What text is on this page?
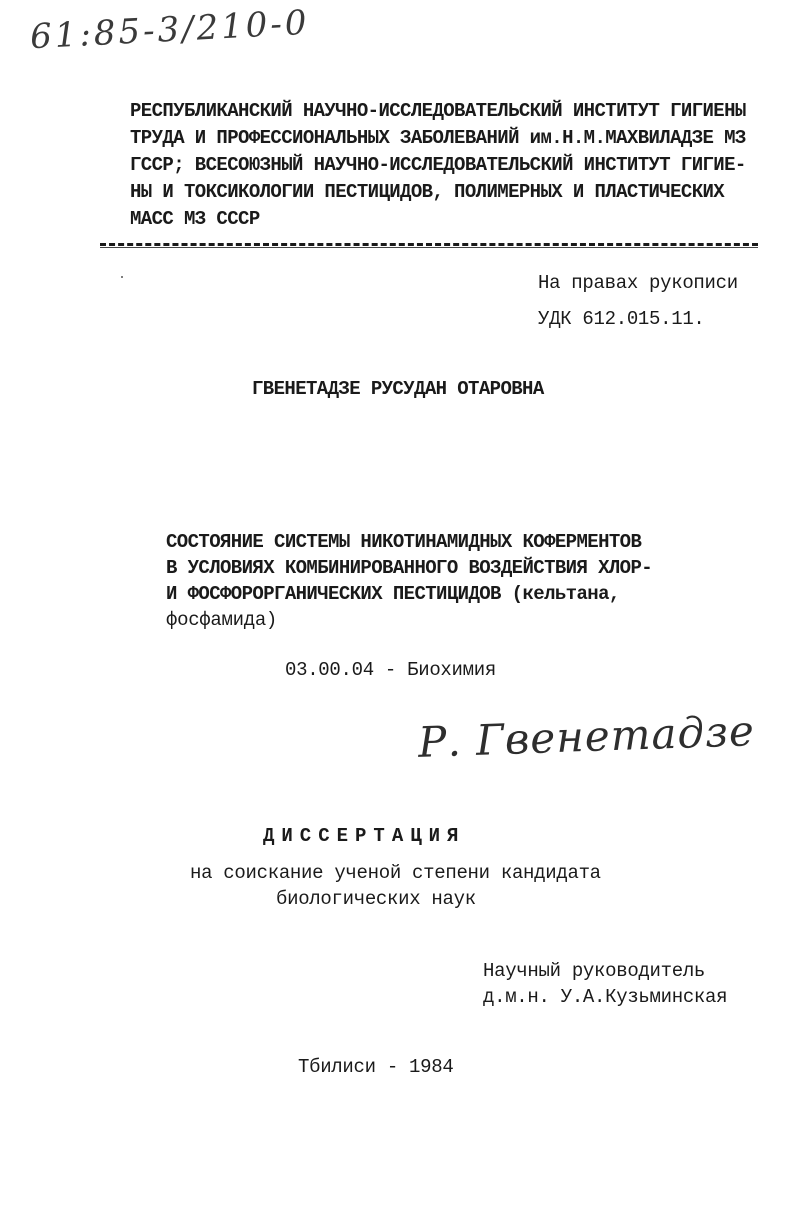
61:85-3/210-0

РЕСПУБЛИКАНСКИЙ НАУЧНО-ИССЛЕДОВАТЕЛЬСКИЙ ИНСТИТУТ ГИГИЕНЫ

ТРУДА И ПРОФЕССИОНАЛЬНЫХ ЗАБОЛЕВАНИЙ им.Н.М.МАХВИЛАДЗЕ МЗ

ГССР; ВСЕСОЮЗНЫЙ НАУЧНО-ИССЛЕДОВАТЕЛЬСКИЙ ИНСТИТУТ ГИГИЕ-

НЫ И ТОКСИКОЛОГИИ ПЕСТИЦИДОВ, ПОЛИМЕРНЫХ И ПЛАСТИЧЕСКИХ

МАСС МЗ СССР

На правах рукописи

УДК 612.015.11.

ГВЕНЕТАДЗЕ РУСУДАН ОТАРОВНА

СОСТОЯНИЕ СИСТЕМЫ НИКОТИНАМИДНЫХ КОФЕРМЕНТОВ

В УСЛОВИЯХ КОМБИНИРОВАННОГО ВОЗДЕЙСТВИЯ ХЛОР-

И ФОСФОРОРГАНИЧЕСКИХ ПЕСТИЦИДОВ (кельтана,

фосфамида)

03.00.04 - Биохимия

Р. Гвенетадзе

ДИССЕРТАЦИЯ

на соискание ученой степени кандидата

биологических наук

Научный руководитель

д.м.н. У.А.Кузьминская

Тбилиси - 1984
